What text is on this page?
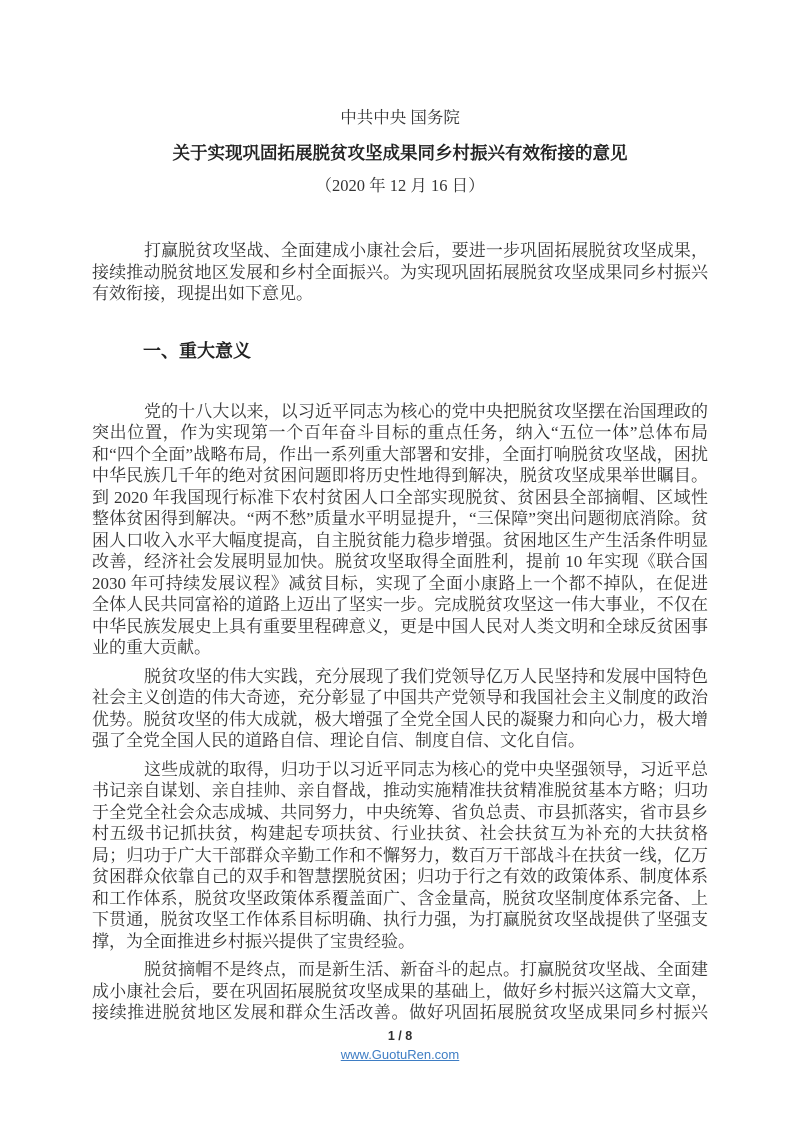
中共中央 国务院
关于实现巩固拓展脱贫攻坚成果同乡村振兴有效衔接的意见
（2020 年 12 月 16 日）

打赢脱贫攻坚战、全面建成小康社会后，要进一步巩固拓展脱贫攻坚成果，接续推动脱贫地区发展和乡村全面振兴。为实现巩固拓展脱贫攻坚成果同乡村振兴有效衔接，现提出如下意见。

一、重大意义

党的十八大以来，以习近平同志为核心的党中央把脱贫攻坚摆在治国理政的突出位置，作为实现第一个百年奋斗目标的重点任务，纳入“五位一体”总体布局和“四个全面”战略布局，作出一系列重大部署和安排，全面打响脱贫攻坚战，困扰中华民族几千年的绝对贫困问题即将历史性地得到解决，脱贫攻坚成果举世瞩目。到 2020 年我国现行标准下农村贫困人口全部实现脱贫、贫困县全部摘帽、区域性整体贫困得到解决。“两不愁”质量水平明显提升，“三保障”突出问题彻底消除。贫困人口收入水平大幅度提高，自主脱贫能力稳步增强。贫困地区生产生活条件明显改善，经济社会发展明显加快。脱贫攻坚取得全面胜利，提前 10 年实现《联合国 2030 年可持续发展议程》减贫目标，实现了全面小康路上一个都不掉队，在促进全体人民共同富裕的道路上迈出了坚实一步。完成脱贫攻坚这一伟大事业，不仅在中华民族发展史上具有重要里程碑意义，更是中国人民对人类文明和全球反贫困事业的重大贡献。

脱贫攻坚的伟大实践，充分展现了我们党领导亿万人民坚持和发展中国特色社会主义创造的伟大奇迹，充分彰显了中国共产党领导和我国社会主义制度的政治优势。脱贫攻坚的伟大成就，极大增强了全党全国人民的凝聚力和向心力，极大增强了全党全国人民的道路自信、理论自信、制度自信、文化自信。

这些成就的取得，归功于以习近平同志为核心的党中央坚强领导，习近平总书记亲自谋划、亲自挂帅、亲自督战，推动实施精准扶贫精准脱贫基本方略；归功于全党全社会众志成城、共同努力，中央统筹、省负总责、市县抓落实，省市县乡村五级书记抓扶贫，构建起专项扶贫、行业扶贫、社会扶贫互为补充的大扶贫格局；归功于广大干部群众辛勤工作和不懈努力，数百万干部战斗在扶贫一线，亿万贫困群众依靠自己的双手和智慧摆脱贫困；归功于行之有效的政策体系、制度体系和工作体系，脱贫攻坚政策体系覆盖面广、含金量高，脱贫攻坚制度体系完备、上下贯通，脱贫攻坚工作体系目标明确、执行力强，为打赢脱贫攻坚战提供了坚强支撑，为全面推进乡村振兴提供了宝贵经验。

脱贫摘帽不是终点，而是新生活、新奋斗的起点。打赢脱贫攻坚战、全面建成小康社会后，要在巩固拓展脱贫攻坚成果的基础上，做好乡村振兴这篇大文章，接续推进脱贫地区发展和群众生活改善。做好巩固拓展脱贫攻坚成果同乡村振兴

1 / 8
www.GuotuRen.com
